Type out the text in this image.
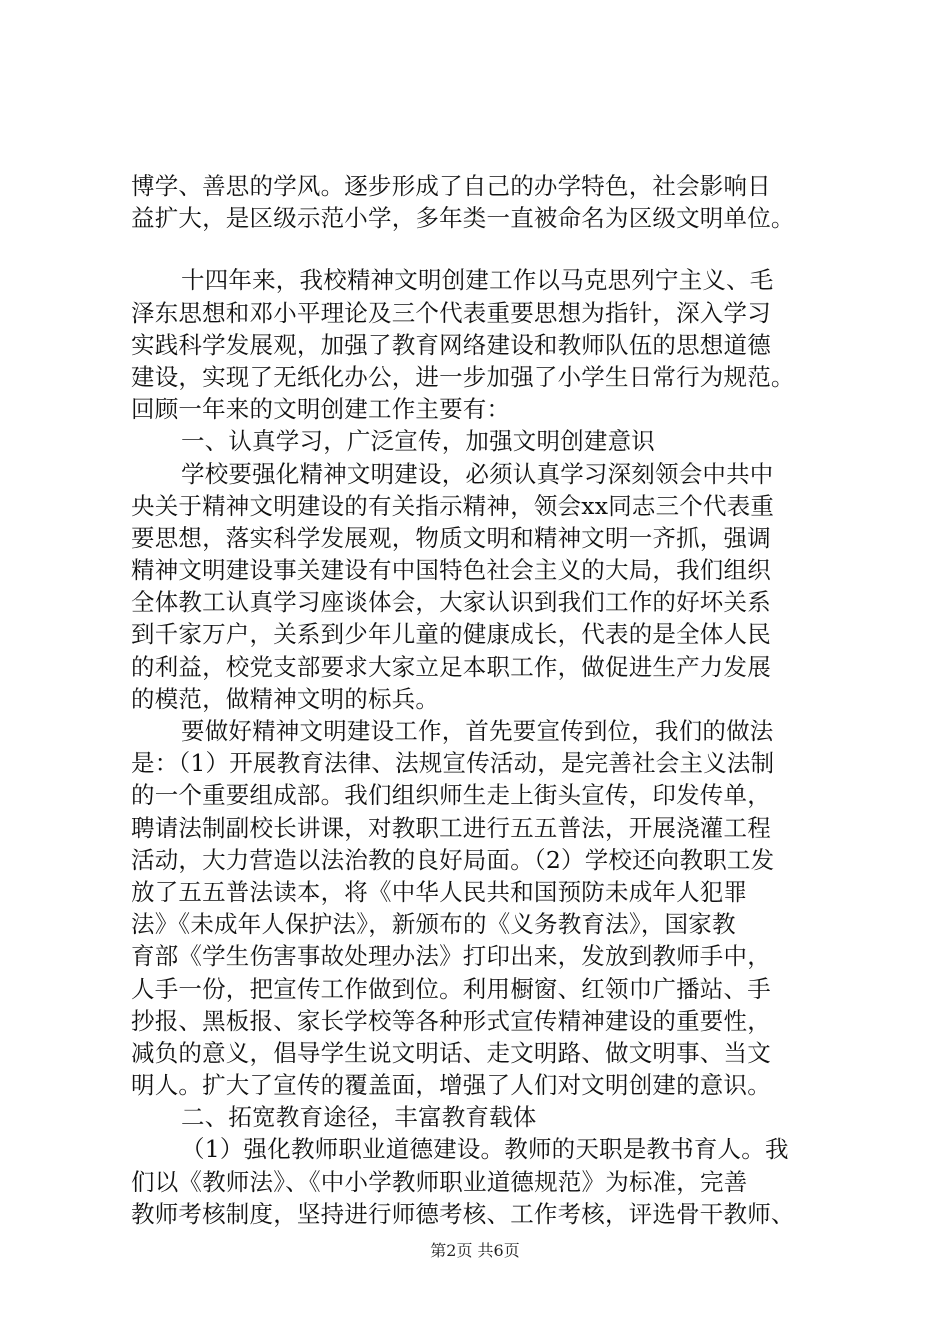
博学、善思的学风。逐步形成了自己的办学特色，社会影响日
益扩大，是区级示范小学，多年类一直被命名为区级文明单位。
十四年来，我校精神文明创建工作以马克思列宁主义、毛
泽东思想和邓小平理论及三个代表重要思想为指针，深入学习
实践科学发展观，加强了教育网络建设和教师队伍的思想道德
建设，实现了无纸化办公，进一步加强了小学生日常行为规范。
回顾一年来的文明创建工作主要有：
一、认真学习，广泛宣传，加强文明创建意识
学校要强化精神文明建设，必须认真学习深刻领会中共中
央关于精神文明建设的有关指示精神，领会xx同志三个代表重
要思想，落实科学发展观，物质文明和精神文明一齐抓，强调
精神文明建设事关建设有中国特色社会主义的大局，我们组织
全体教工认真学习座谈体会，大家认识到我们工作的好坏关系
到千家万户，关系到少年儿童的健康成长，代表的是全体人民
的利益，校党支部要求大家立足本职工作，做促进生产力发展
的模范，做精神文明的标兵。
要做好精神文明建设工作，首先要宣传到位，我们的做法
是：（1）开展教育法律、法规宣传活动，是完善社会主义法制
的一个重要组成部。我们组织师生走上街头宣传，印发传单，
聘请法制副校长讲课，对教职工进行五五普法，开展浇灌工程
活动，大力营造以法治教的良好局面。（2）学校还向教职工发
放了五五普法读本，将《中华人民共和国预防未成年人犯罪
法》《未成年人保护法》，新颁布的《义务教育法》，国家教
育部《学生伤害事故处理办法》打印出来，发放到教师手中，
人手一份，把宣传工作做到位。利用橱窗、红领巾广播站、手
抄报、黑板报、家长学校等各种形式宣传精神建设的重要性，
减负的意义，倡导学生说文明话、走文明路、做文明事、当文
明人。扩大了宣传的覆盖面，增强了人们对文明创建的意识。
二、拓宽教育途径，丰富教育载体
（1）强化教师职业道德建设。教师的天职是教书育人。我
们以《教师法》、《中小学教师职业道德规范》为标准，完善
教师考核制度，坚持进行师德考核、工作考核，评选骨干教师、
第2页 共6页
